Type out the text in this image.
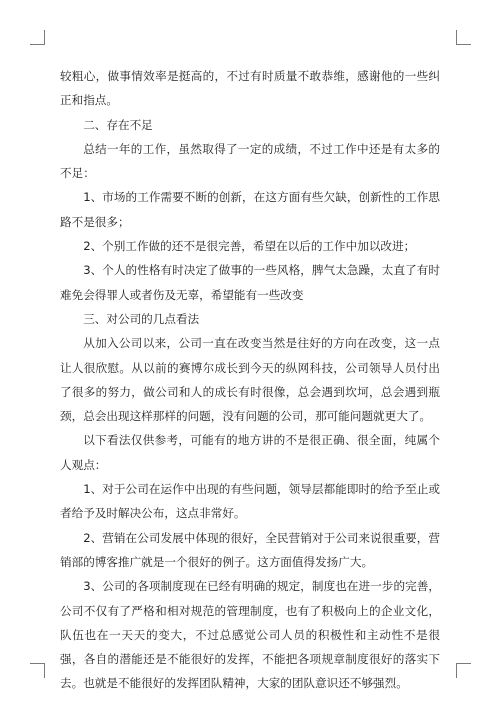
较粗心，做事情效率是挺高的，不过有时质量不敢恭维，感谢他的一些纠正和指点。

二、存在不足

总结一年的工作，虽然取得了一定的成绩，不过工作中还是有太多的不足：

1、市场的工作需要不断的创新，在这方面有些欠缺，创新性的工作思路不是很多；

2、个别工作做的还不是很完善，希望在以后的工作中加以改进；

3、个人的性格有时决定了做事的一些风格，脾气太急躁，太直了有时难免会得罪人或者伤及无辜，希望能有一些改变

三、对公司的几点看法

从加入公司以来，公司一直在改变当然是往好的方向在改变，这一点让人很欣慰。从以前的赛博尔成长到今天的纵网科技，公司领导人员付出了很多的努力，做公司和人的成长有时很像，总会遇到坎坷，总会遇到瓶颈，总会出现这样那样的问题，没有问题的公司，那可能问题就更大了。

以下看法仅供参考，可能有的地方讲的不是很正确、很全面，纯属个人观点：

1、对于公司在运作中出现的有些问题，领导层都能即时的给予至止或者给予及时解决公布，这点非常好。

2、营销在公司发展中体现的很好，全民营销对于公司来说很重要，营销部的博客推广就是一个很好的例子。这方面值得发扬广大。

3、公司的各项制度现在已经有明确的规定，制度也在进一步的完善，公司不仅有了严格和相对规范的管理制度，也有了积极向上的企业文化，队伍也在一天天的变大，不过总感觉公司人员的积极性和主动性不是很强，各自的潜能还是不能很好的发挥，不能把各项规章制度很好的落实下去。也就是不能很好的发挥团队精神，大家的团队意识还不够强烈。
